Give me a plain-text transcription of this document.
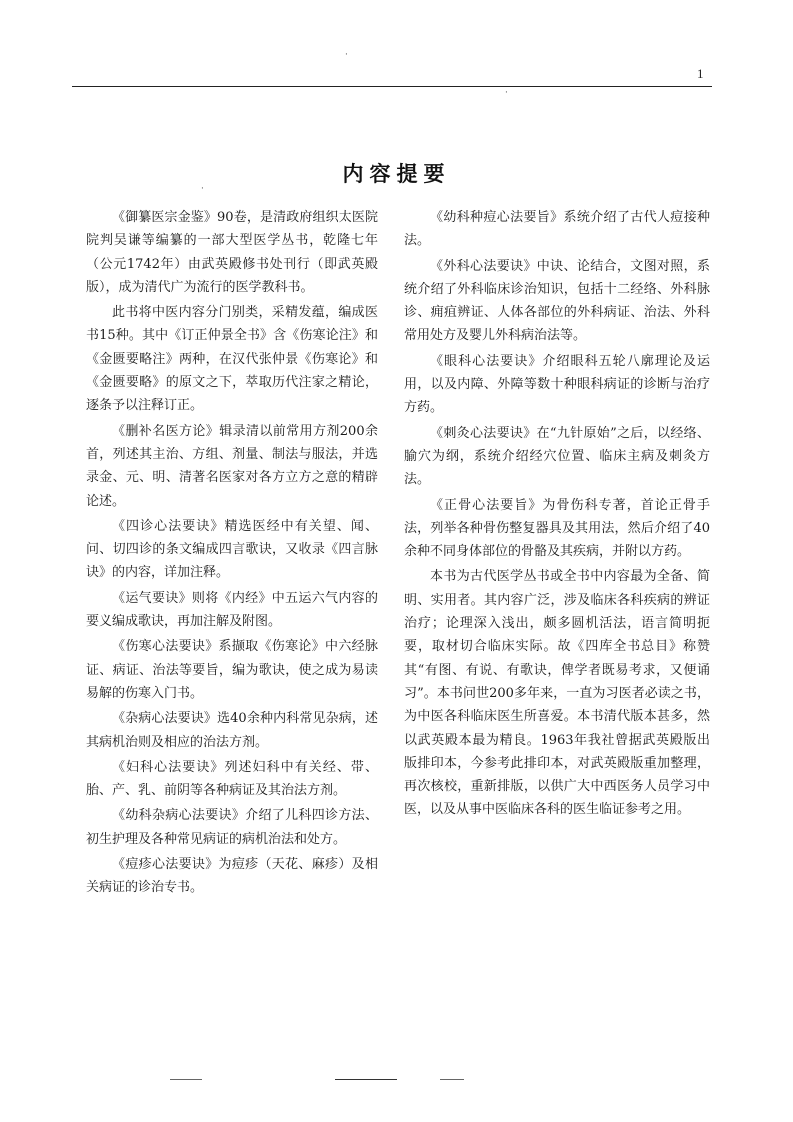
1
内容提要

《御纂医宗金鉴》90卷，是清政府组织太医院院判吴谦等编纂的一部大型医学丛书，乾隆七年（公元1742年）由武英殿修书处刊行（即武英殿版），成为清代广为流行的医学教科书。

此书将中医内容分门别类，采精发蕴，编成医书15种。其中《订正仲景全书》含《伤寒论注》和《金匮要略注》两种，在汉代张仲景《伤寒论》和《金匮要略》的原文之下，萃取历代注家之精论，逐条予以注释订正。

《删补名医方论》辑录清以前常用方剂200余首，列述其主治、方组、剂量、制法与服法，并选录金、元、明、清著名医家对各方立方之意的精辟论述。

《四诊心法要诀》精选医经中有关望、闻、问、切四诊的条文编成四言歌诀，又收录《四言脉诀》的内容，详加注释。

《运气要诀》则将《内经》中五运六气内容的要义编成歌诀，再加注解及附图。

《伤寒心法要诀》系撷取《伤寒论》中六经脉证、病证、治法等要旨，编为歌诀，使之成为易读易解的伤寒入门书。

《杂病心法要诀》选40余种内科常见杂病，述其病机治则及相应的治法方剂。

《妇科心法要诀》列述妇科中有关经、带、胎、产、乳、前阴等各种病证及其治法方剂。

《幼科杂病心法要诀》介绍了儿科四诊方法、初生护理及各种常见病证的病机治法和处方。

《痘疹心法要诀》为痘疹（天花、麻疹）及相关病证的诊治专书。

《幼科种痘心法要旨》系统介绍了古代人痘接种法。

《外科心法要诀》中诀、论结合，文图对照，系统介绍了外科临床诊治知识，包括十二经络、外科脉诊、痈疽辨证、人体各部位的外科病证、治法、外科常用处方及婴儿外科病治法等。

《眼科心法要诀》介绍眼科五轮八廓理论及运用，以及内障、外障等数十种眼科病证的诊断与治疗方药。

《刺灸心法要诀》在“九针原始”之后，以经络、腧穴为纲，系统介绍经穴位置、临床主病及刺灸方法。

《正骨心法要旨》为骨伤科专著，首论正骨手法，列举各种骨伤整复器具及其用法，然后介绍了40余种不同身体部位的骨骼及其疾病，并附以方药。

本书为古代医学丛书或全书中内容最为全备、简明、实用者。其内容广泛，涉及临床各科疾病的辨证治疗；论理深入浅出，颇多圆机活法，语言简明扼要，取材切合临床实际。故《四库全书总目》称赞其“有图、有说、有歌诀，俾学者既易考求，又便诵习”。本书问世200多年来，一直为习医者必读之书，为中医各科临床医生所喜爱。本书清代版本甚多，然以武英殿本最为精良。1963年我社曾据武英殿版出版排印本，今参考此排印本，对武英殿版重加整理，再次核校，重新排版，以供广大中西医务人员学习中医，以及从事中医临床各科的医生临证参考之用。

·
·
·
